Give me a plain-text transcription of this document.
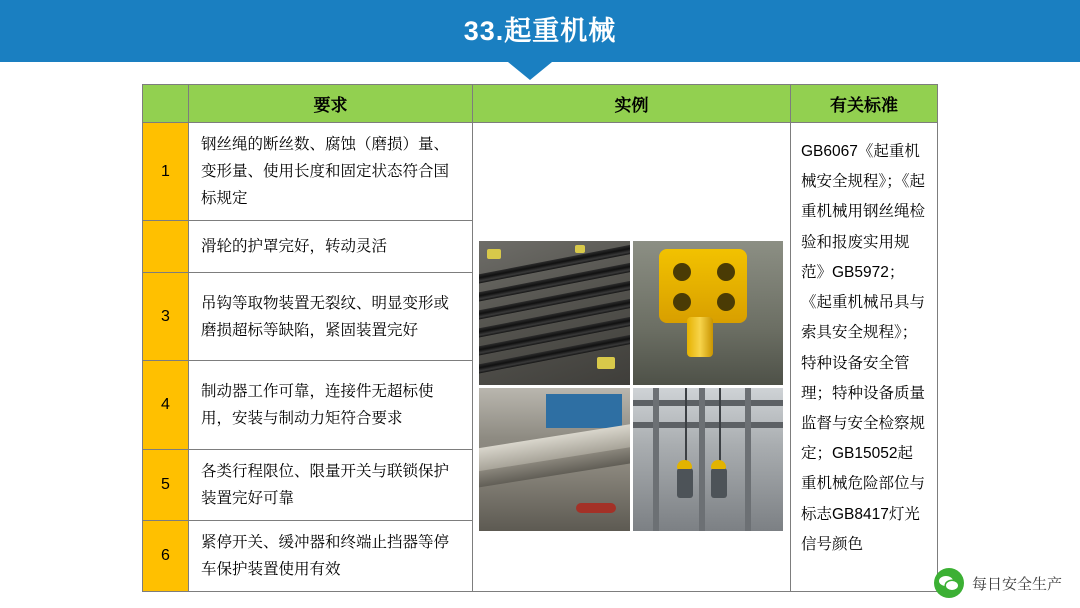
33.起重机械
要求	实例	有关标准
1
钢丝绳的断丝数、腐蚀（磨损）量、变形量、使用长度和固定状态符合国标规定
滑轮的护罩完好，转动灵活
3
吊钩等取物装置无裂纹、明显变形或磨损超标等缺陷，紧固装置完好
4
制动器工作可靠，连接件无超标使用，安装与制动力矩符合要求
5
各类行程限位、限量开关与联锁保护装置完好可靠
6
紧停开关、缓冲器和终端止挡器等停车保护装置使用有效
GB6067《起重机械安全规程》；《起重机械用钢丝绳检验和报废实用规范》GB5972；《起重机械吊具与索具安全规程》；特种设备安全管理；特种设备质量监督与安全检察规定；GB15052起重机械危险部位与标志GB8417灯光信号颜色
每日安全生产
